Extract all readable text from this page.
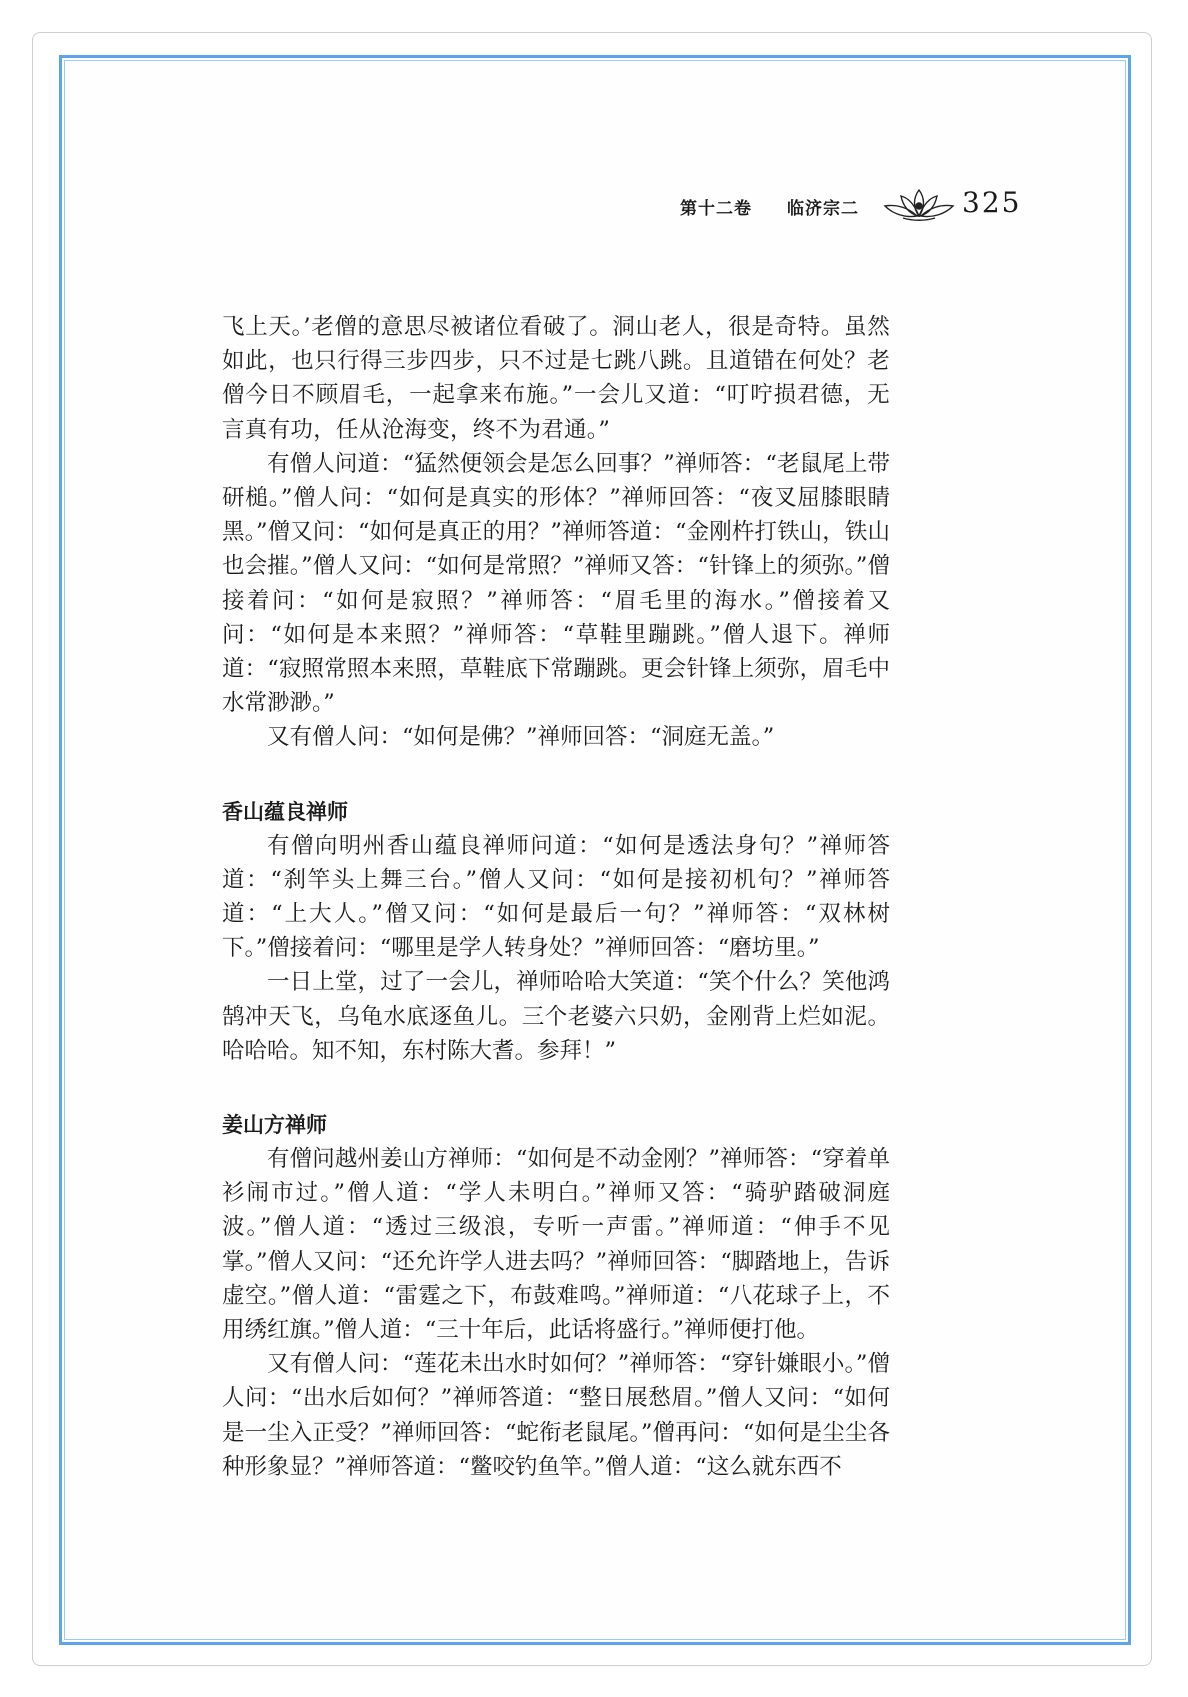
第十二卷 临济宗二	325

飞上天。’老僧的意思尽被诸位看破了。洞山老人，很是奇特。虽然如此，也只行得三步四步，只不过是七跳八跳。且道错在何处？老僧今日不顾眉毛，一起拿来布施。”一会儿又道：“叮咛损君德，无言真有功，任从沧海变，终不为君通。”

有僧人问道：“猛然便领会是怎么回事？”禅师答：“老鼠尾上带研槌。”僧人问：“如何是真实的形体？”禅师回答：“夜叉屈膝眼睛黑。”僧又问：“如何是真正的用？”禅师答道：“金刚杵打铁山，铁山也会摧。”僧人又问：“如何是常照？”禅师又答：“针锋上的须弥。”僧接着问：“如何是寂照？”禅师答：“眉毛里的海水。”僧接着又问：“如何是本来照？”禅师答：“草鞋里蹦跳。”僧人退下。禅师道：“寂照常照本来照，草鞋底下常蹦跳。更会针锋上须弥，眉毛中水常渺渺。”

又有僧人问：“如何是佛？”禅师回答：“洞庭无盖。”

香山蕴良禅师

有僧向明州香山蕴良禅师问道：“如何是透法身句？”禅师答道：“刹竿头上舞三台。”僧人又问：“如何是接初机句？”禅师答道：“上大人。”僧又问：“如何是最后一句？”禅师答：“双林树下。”僧接着问：“哪里是学人转身处？”禅师回答：“磨坊里。”

一日上堂，过了一会儿，禅师哈哈大笑道：“笑个什么？笑他鸿鹄冲天飞，乌龟水底逐鱼儿。三个老婆六只奶，金刚背上烂如泥。哈哈哈。知不知，东村陈大耆。参拜！”

姜山方禅师

有僧问越州姜山方禅师：“如何是不动金刚？”禅师答：“穿着单衫闹市过。”僧人道：“学人未明白。”禅师又答：“骑驴踏破洞庭波。”僧人道：“透过三级浪，专听一声雷。”禅师道：“伸手不见掌。”僧人又问：“还允许学人进去吗？”禅师回答：“脚踏地上，告诉虚空。”僧人道：“雷霆之下，布鼓难鸣。”禅师道：“八花球子上，不用绣红旗。”僧人道：“三十年后，此话将盛行。”禅师便打他。

又有僧人问：“莲花未出水时如何？”禅师答：“穿针嫌眼小。”僧人问：“出水后如何？”禅师答道：“整日展愁眉。”僧人又问：“如何是一尘入正受？”禅师回答：“蛇衔老鼠尾。”僧再问：“如何是尘尘各种形象显？”禅师答道：“鳖咬钓鱼竿。”僧人道：“这么就东西不
